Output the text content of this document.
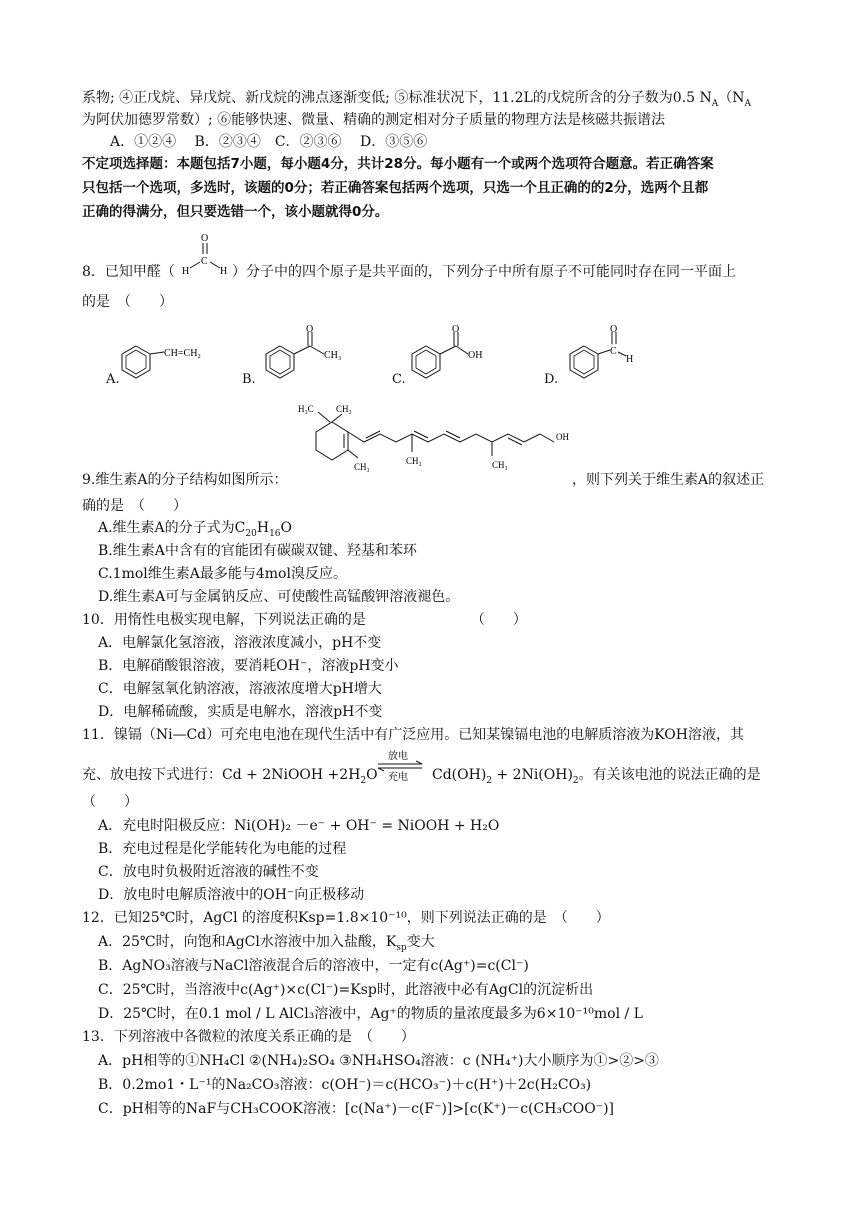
系物; ④正戊烷、异戊烷、新戊烷的沸点逐渐变低; ⑤标准状况下，11.2L的戊烷所含的分子数为0.5 $N_A(N_A$
为阿伏加德罗常数）; ⑥能够快速、微量、精确的测定相对分子质量的物理方法是核磁共振谱法
A．①②④　 B．②③④　C．②③⑥　 D．③⑤⑥
不定项选择题：本题包括7小题，每小题4分，共计28分。每小题有一个或两个选项符合题意。若正确答案
只包括一个选项，多选时，该题的0分；若正确答案包括两个选项，只选一个且正确的的2分，选两个且都
正确的得满分，但只要选错一个，该小题就得0分。
8．已知甲醛（
O
C
H	H ）分子中的四个原子是共平面的，下列分子中所有原子不可能同时存在同一平面上
的是　（　　）
A.
CH=CH₂
B.
O
CH₃
C.
O
OH
D.
C
O
H
H₃C CH₃
CH₃
CH₃	CH₃
OH
9.维生素A的分子结构如图所示：	，则下列关于维生素A的叙述正
确的是　（　　）
A.维生素A的分子式为$C_{20}H_{16}O$
B.维生素A中含有的官能团有碳碳双键、羟基和苯环
C.1mol维生素A最多能与4mol溴反应。
D.维生素A可与金属钠反应、可使酸性高锰酸钾溶液褪色。
10．用惰性电极实现电解，下列说法正确的是　　　　　　　　（　　）
A．电解氯化氢溶液，溶液浓度减小，pH不变
B．电解硝酸银溶液，要消耗OH⁻，溶液pH变小
C．电解氢氧化钠溶液，溶液浓度增大pH增大
D．电解稀硫酸，实质是电解水，溶液pH不变
11．镍镉（Ni—Cd）可充电电池在现代生活中有广泛应用。已知某镍镉电池的电解质溶液为KOH溶液，其
充、放电按下式进行：Cd + 2NiOOH $+2H_2O$
放电
充电 $Cd(OH)_2 + 2Ni(OH)_2$。有关该电池的说法正确的是
（　　）
A．充电时阳极反应：Ni(OH)₂ －e⁻ + OH⁻ = NiOOH + H₂O
B．充电过程是化学能转化为电能的过程
C．放电时负极附近溶液的碱性不变
D．放电时电解质溶液中的OH⁻向正极移动
12．已知25℃时，AgCl 的溶度积Ksp=1.8×10⁻¹⁰，则下列说法正确的是　（　　）
A．25℃时，向饱和AgCl水溶液中加入盐酸，$K_{sp}$变大
B．AgNO₃溶液与NaCl溶液混合后的溶液中，一定有c(Ag⁺)=c(Cl⁻)
C．25℃时，当溶液中c(Ag⁺)×c(Cl⁻)=Ksp时，此溶液中必有AgCl的沉淀析出
D．25℃时，在0.1 mol / L AlCl₃溶液中，Ag⁺的物质的量浓度最多为6×10⁻¹⁰mol / L
13．下列溶液中各微粒的浓度关系正确的是　（　　）
A．pH相等的①NH₄Cl ②(NH₄)₂SO₄ ③NH₄HSO₄溶液：c (NH₄⁺)大小顺序为①>②>③
B．0.2mo1・L⁻¹的Na₂CO₃溶液：c(OH⁻)＝c(HCO₃⁻)＋c(H⁺)＋2c(H₂CO₃)
C．pH相等的NaF与CH₃COOK溶液：[c(Na⁺)－c(F⁻)]>[c(K⁺)－c(CH₃COO⁻)]
